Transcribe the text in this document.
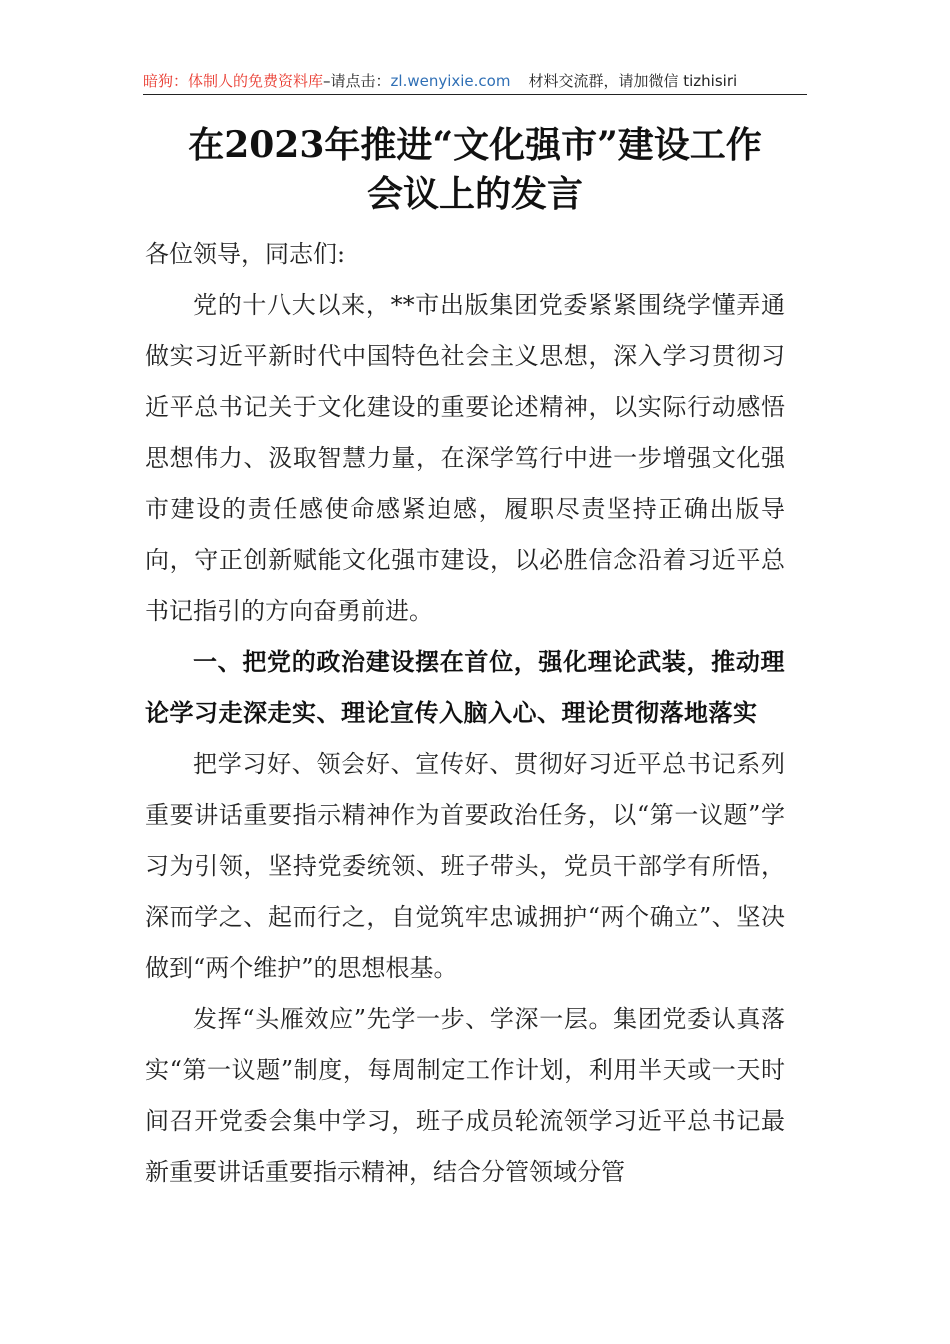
暗狗：体制人的免费资料库–请点击：zl.wenyixie.com 材料交流群，请加微信 tizhisiri
在2023年推进“文化强市”建设工作
会议上的发言

各位领导，同志们:

党的十八大以来，**市出版集团党委紧紧围绕学懂弄通做实习近平新时代中国特色社会主义思想，深入学习贯彻习近平总书记关于文化建设的重要论述精神，以实际行动感悟思想伟力、汲取智慧力量，在深学笃行中进一步增强文化强市建设的责任感使命感紧迫感，履职尽责坚持正确出版导向，守正创新赋能文化强市建设，以必胜信念沿着习近平总书记指引的方向奋勇前进。

一、把党的政治建设摆在首位，强化理论武装，推动理论学习走深走实、理论宣传入脑入心、理论贯彻落地落实

把学习好、领会好、宣传好、贯彻好习近平总书记系列重要讲话重要指示精神作为首要政治任务，以“第一议题”学习为引领，坚持党委统领、班子带头，党员干部学有所悟，深而学之、起而行之，自觉筑牢忠诚拥护“两个确立”、坚决做到“两个维护”的思想根基。

发挥“头雁效应”先学一步、学深一层。集团党委认真落实“第一议题”制度，每周制定工作计划，利用半天或一天时间召开党委会集中学习，班子成员轮流领学习近平总书记最新重要讲话重要指示精神，结合分管领域分管
